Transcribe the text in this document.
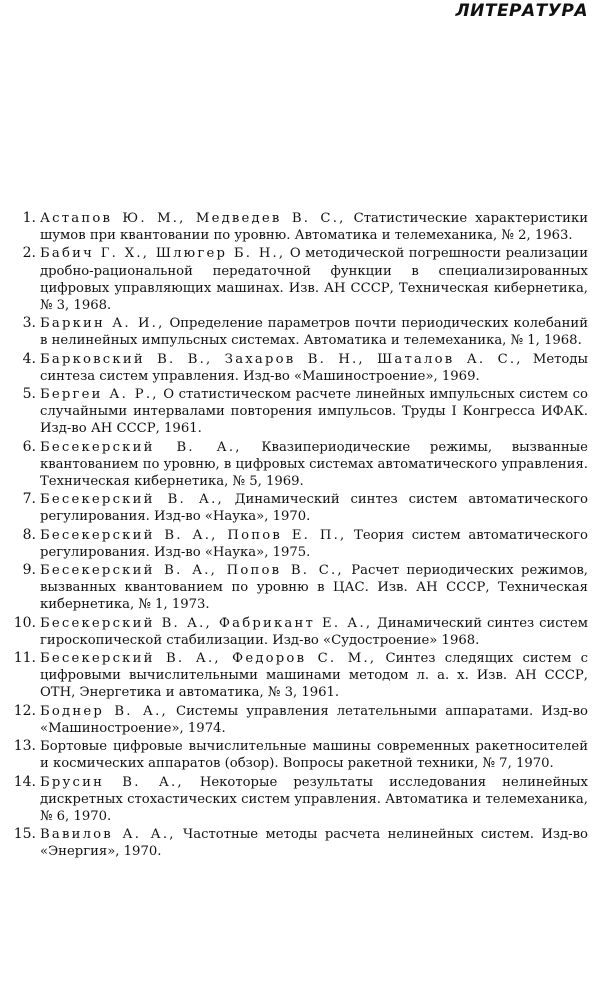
ЛИТЕРАТУРА
1. Астапов Ю. М., Медведев В. С., Статистические характеристики шумов при квантовании по уровню. Автоматика и телемеханика, № 2, 1963.
2. Бабич Г. Х., Шлюгер Б. Н., О методической погрешности реализации дробно-рациональной передаточной функции в специализированных цифровых управляющих машинах. Изв. АН СССР, Техническая кибернетика, № 3, 1968.
3. Баркин А. И., Определение параметров почти периодических колебаний в нелинейных импульсных системах. Автоматика и телемеханика, № 1, 1968.
4. Барковский В. В., Захаров В. Н., Шаталов А. С., Методы синтеза систем управления. Изд-во «Машиностроение», 1969.
5. Бергеи А. Р., О статистическом расчете линейных импульсных систем со случайными интервалами повторения импульсов. Труды I Конгресса ИФАК. Изд-во АН СССР, 1961.
6. Бесекерский В. А., Квазипериодические режимы, вызванные квантованием по уровню, в цифровых системах автоматического управления. Техническая кибернетика, № 5, 1969.
7. Бесекерский В. А., Динамический синтез систем автоматического регулирования. Изд-во «Наука», 1970.
8. Бесекерский В. А., Попов Е. П., Теория систем автоматического регулирования. Изд-во «Наука», 1975.
9. Бесекерский В. А., Попов В. С., Расчет периодических режимов, вызванных квантованием по уровню в ЦАС. Изв. АН СССР, Техническая кибернетика, № 1, 1973.
10. Бесекерский В. А., Фабрикант Е. А., Динамический синтез систем гироскопической стабилизации. Изд-во «Судостроение» 1968.
11. Бесекерский В. А., Федоров С. М., Синтез следящих систем с цифровыми вычислительными машинами методом л. а. х. Изв. АН СССР, ОТН, Энергетика и автоматика, № 3, 1961.
12. Боднер В. А., Системы управления летательными аппаратами. Изд-во «Машиностроение», 1974.
13. Бортовые цифровые вычислительные машины современных ракетносителей и космических аппаратов (обзор). Вопросы ракетной техники, № 7, 1970.
14. Брусин В. А., Некоторые результаты исследования нелинейных дискретных стохастических систем управления. Автоматика и телемеханика, № 6, 1970.
15. Вавилов А. А., Частотные методы расчета нелинейных систем. Изд-во «Энергия», 1970.
